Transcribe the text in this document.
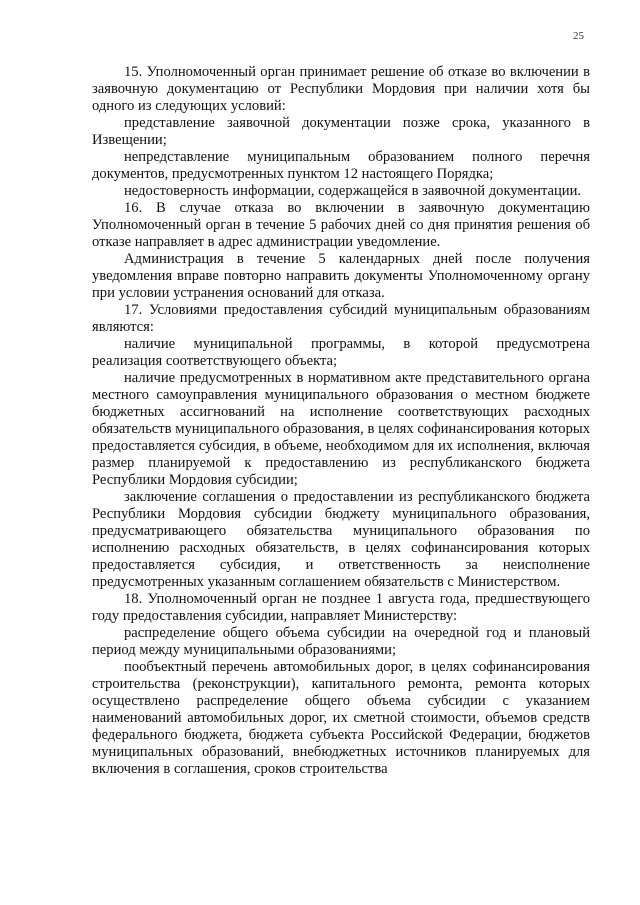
25

15. Уполномоченный орган принимает решение об отказе во включении в заявочную документацию от Республики Мордовия при наличии хотя бы одного из следующих условий:

представление заявочной документации позже срока, указанного в Извещении;

непредставление муниципальным образованием полного перечня документов, предусмотренных пунктом 12 настоящего Порядка;

недостоверность информации, содержащейся в заявочной документации.

16. В случае отказа во включении в заявочную документацию Уполномоченный орган в течение 5 рабочих дней со дня принятия решения об отказе направляет в адрес администрации уведомление.

Администрация в течение 5 календарных дней после получения уведомления вправе повторно направить документы Уполномоченному органу при условии устранения оснований для отказа.

17. Условиями предоставления субсидий муниципальным образованиям являются:

наличие муниципальной программы, в которой предусмотрена реализация соответствующего объекта;

наличие предусмотренных в нормативном акте представительного органа местного самоуправления муниципального образования о местном бюджете бюджетных ассигнований на исполнение соответствующих расходных обязательств муниципального образования, в целях софинансирования которых предоставляется субсидия, в объеме, необходимом для их исполнения, включая размер планируемой к предоставлению из республиканского бюджета Республики Мордовия субсидии;

заключение соглашения о предоставлении из республиканского бюджета Республики Мордовия субсидии бюджету муниципального образования, предусматривающего обязательства муниципального образования по исполнению расходных обязательств, в целях софинансирования которых предоставляется субсидия, и ответственность за неисполнение предусмотренных указанным соглашением обязательств с Министерством.

18. Уполномоченный орган не позднее 1 августа года, предшествующего году предоставления субсидии, направляет Министерству:

распределение общего объема субсидии на очередной год и плановый период между муниципальными образованиями;

пообъектный перечень автомобильных дорог, в целях софинансирования строительства (реконструкции), капитального ремонта, ремонта которых осуществлено распределение общего объема субсидии с указанием наименований автомобильных дорог, их сметной стоимости, объемов средств федерального бюджета, бюджета субъекта Российской Федерации, бюджетов муниципальных образований, внебюджетных источников планируемых для включения в соглашения, сроков строительства
